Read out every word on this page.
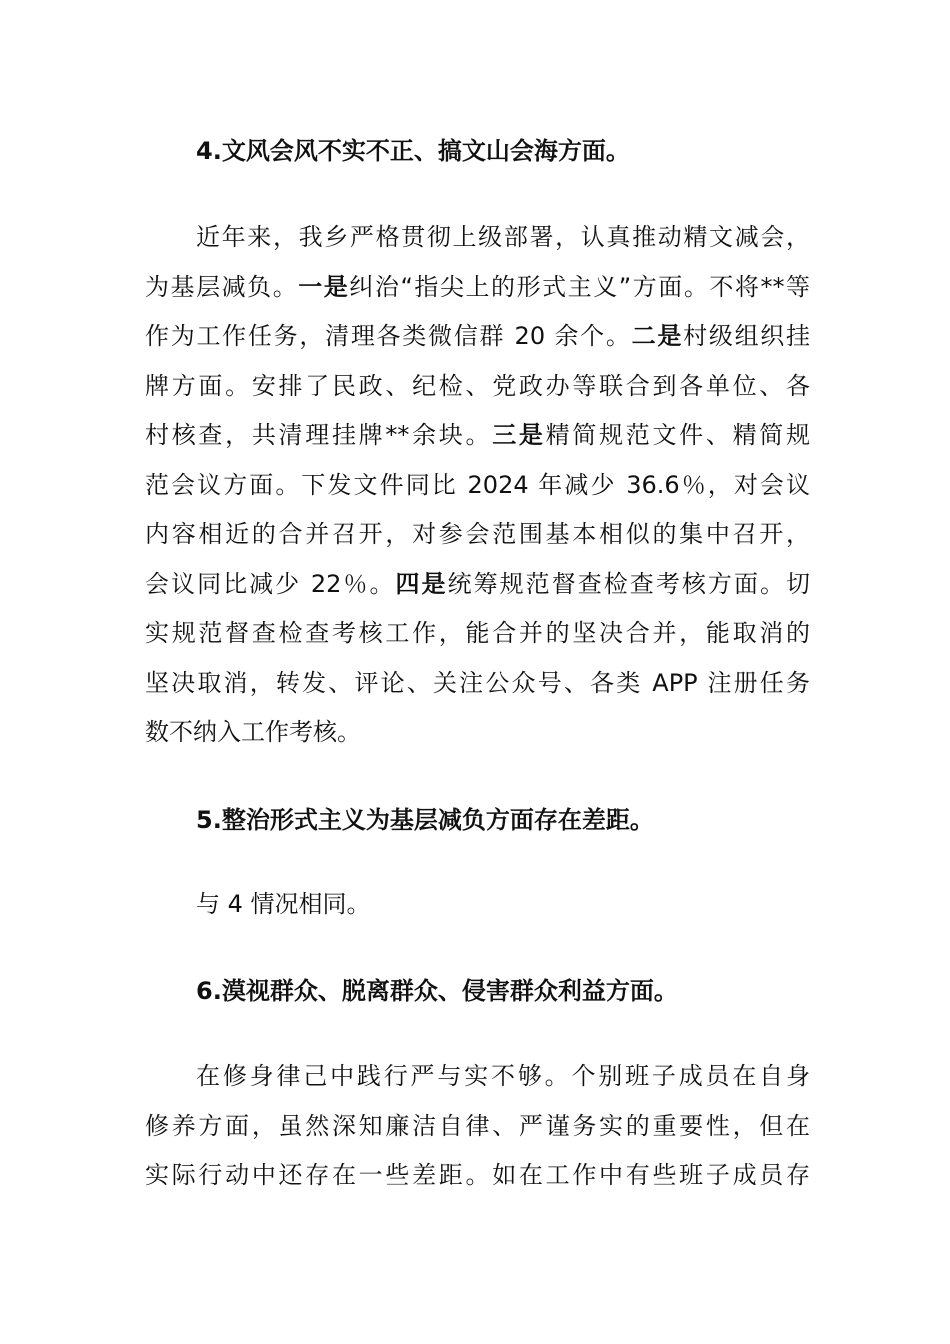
4.文风会风不实不正、搞文山会海方面。
近年来，我乡严格贯彻上级部署，认真推动精文减会，
为基层减负。一是纠治“指尖上的形式主义”方面。不将**等
作为工作任务，清理各类微信群 20 余个。二是村级组织挂
牌方面。安排了民政、纪检、党政办等联合到各单位、各
村核查，共清理挂牌**余块。三是精简规范文件、精简规
范会议方面。下发文件同比 2024 年减少 36.6％，对会议
内容相近的合并召开，对参会范围基本相似的集中召开，
会议同比减少 22％。四是统筹规范督查检查考核方面。切
实规范督查检查考核工作，能合并的坚决合并，能取消的
坚决取消，转发、评论、关注公众号、各类 APP 注册任务
数不纳入工作考核。
5.整治形式主义为基层减负方面存在差距。
与 4 情况相同。
6.漠视群众、脱离群众、侵害群众利益方面。
在修身律己中践行严与实不够。个别班子成员在自身
修养方面，虽然深知廉洁自律、严谨务实的重要性，但在
实际行动中还存在一些差距。如在工作中有些班子成员存
